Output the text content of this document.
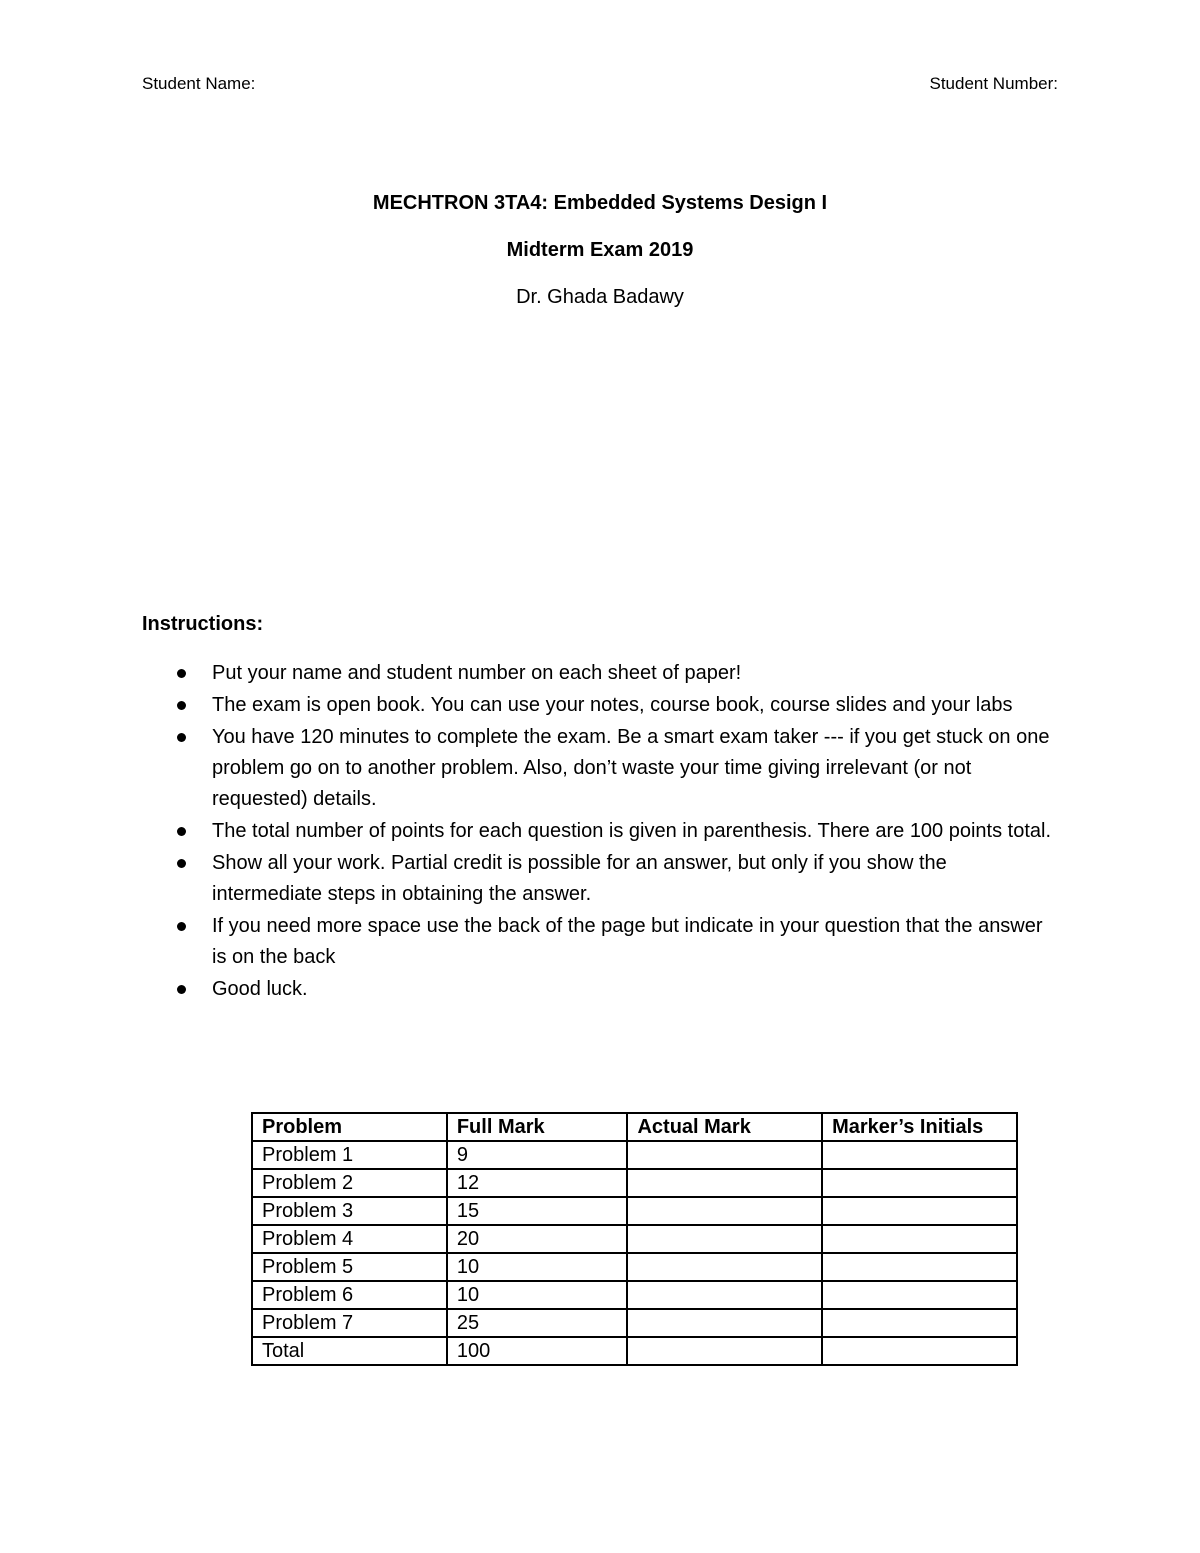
Student Name:	Student Number:
MECHTRON 3TA4: Embedded Systems Design I
Midterm Exam 2019
Dr. Ghada Badawy
Instructions:
Put your name and student number on each sheet of paper!
The exam is open book. You can use your notes, course book, course slides and your labs
You have 120 minutes to complete the exam. Be a smart exam taker --- if you get stuck on one problem go on to another problem. Also, don’t waste your time giving irrelevant (or not requested) details.
The total number of points for each question is given in parenthesis. There are 100 points total.
Show all your work. Partial credit is possible for an answer, but only if you show the intermediate steps in obtaining the answer.
If you need more space use the back of the page but indicate in your question that the answer is on the back
Good luck.
Problem	Full Mark	Actual Mark	Marker’s Initials
Problem 1	9		
Problem 2	12		
Problem 3	15		
Problem 4	20		
Problem 5	10		
Problem 6	10		
Problem 7	25		
Total	100		
